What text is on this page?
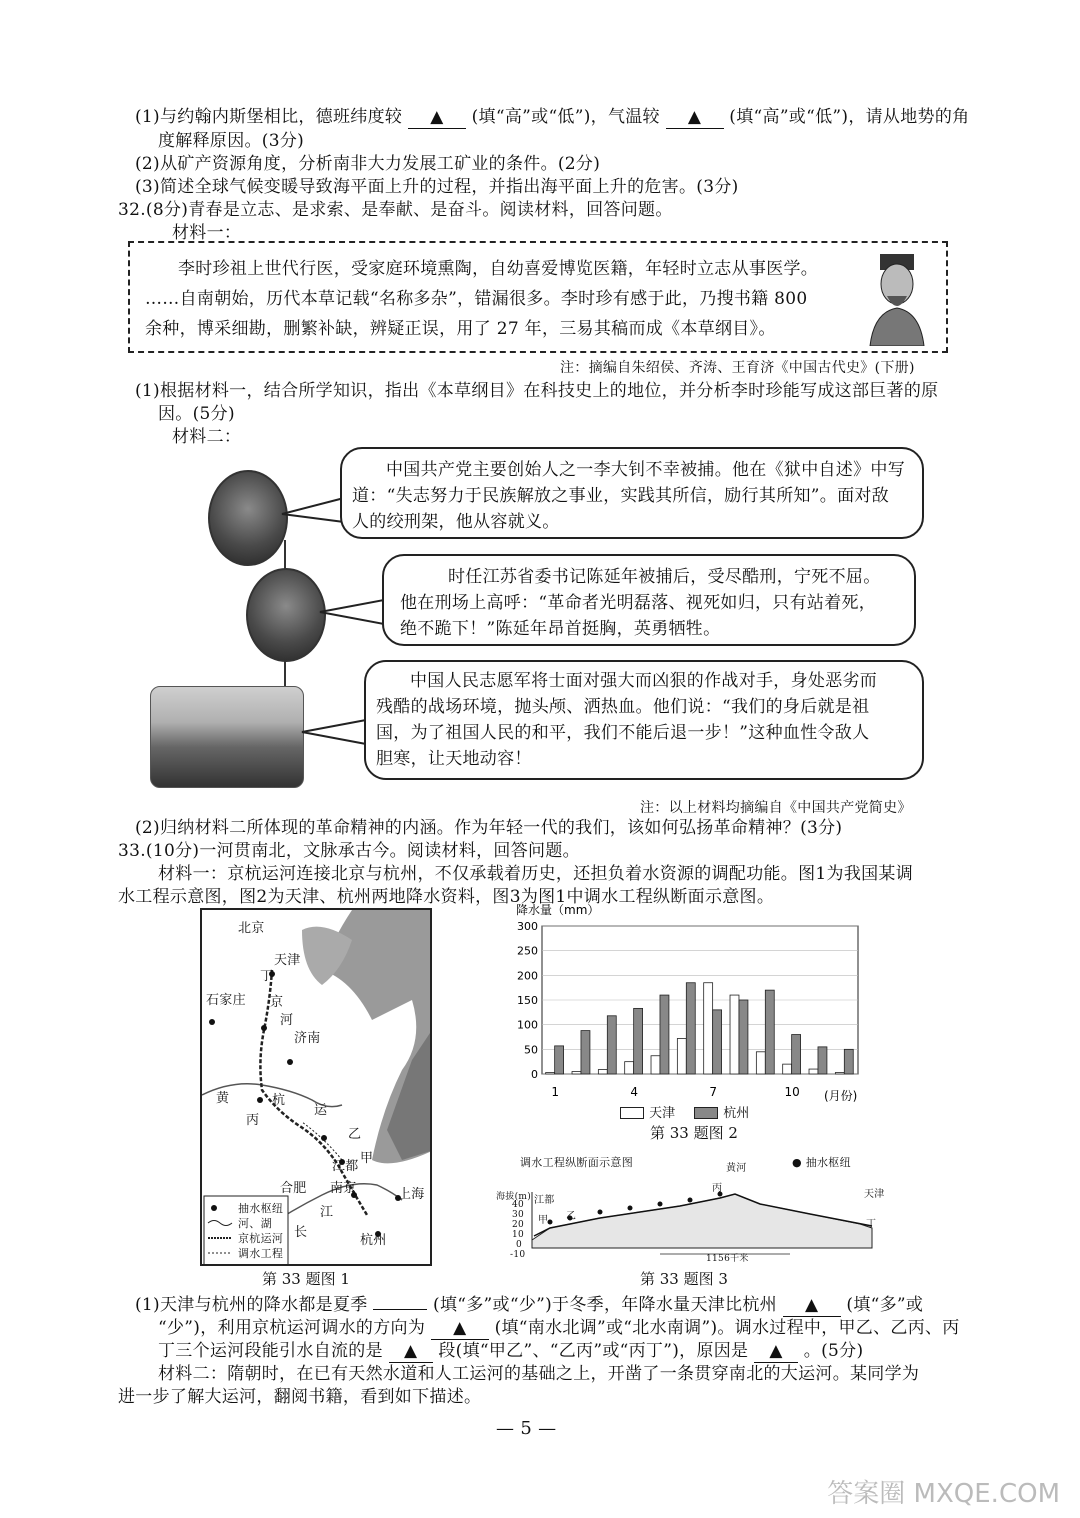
(1)与约翰内斯堡相比，德班纬度较 ▲ (填“高”或“低”)，气温较 ▲ (填“高”或“低”)，请从地势的角
度解释原因。(3分)
(2)从矿产资源角度，分析南非大力发展工矿业的条件。(2分)
(3)简述全球气候变暖导致海平面上升的过程，并指出海平面上升的危害。(3分)
32.(8分)青春是立志、是求索、是奉献、是奋斗。阅读材料，回答问题。
材料一：
李时珍祖上世代行医，受家庭环境熏陶，自幼喜爱博览医籍，年轻时立志从事医学。
……自南朝始，历代本草记载“名称多杂”，错漏很多。李时珍有感于此，乃搜书籍 800
余种，博采细勘，删繁补缺，辨疑正误，用了 27 年，三易其稿而成《本草纲目》。
注：摘编自朱绍侯、齐涛、王育济《中国古代史》(下册)
(1)根据材料一，结合所学知识，指出《本草纲目》在科技史上的地位，并分析李时珍能写成这部巨著的原
因。(5分)
材料二：
中国共产党主要创始人之一李大钊不幸被捕。他在《狱中自述》中写
道：“失志努力于民族解放之事业，实践其所信，励行其所知”。面对敌
人的绞刑架，他从容就义。
时任江苏省委书记陈延年被捕后，受尽酷刑，宁死不屈。
他在刑场上高呼：“革命者光明磊落、视死如归，只有站着死，
绝不跪下！”陈延年昂首挺胸，英勇牺牲。
中国人民志愿军将士面对强大而凶狠的作战对手，身处恶劣而
残酷的战场环境，抛头颅、洒热血。他们说：“我们的身后就是祖
国，为了祖国人民的和平，我们不能后退一步！”这种血性令敌人
胆寒，让天地动容！
注：以上材料均摘编自《中国共产党简史》
(2)归纳材料二所体现的革命精神的内涵。作为年轻一代的我们，该如何弘扬革命精神？(3分)
33.(10分)一河贯南北，文脉承古今。阅读材料，回答问题。
材料一：京杭运河连接北京与杭州，不仅承载着历史，还担负着水资源的调配功能。图1为我国某调
水工程示意图，图2为天津、杭州两地降水资料，图3为图1中调水工程纵断面示意图。
北京
天津
丁
石家庄 京
河
济南
杭
丙
黄
运
乙
江都
甲
合肥 南京
江
长
杭州
上海
抽水枢纽
河、湖
京杭运河
调水工程
第 33 题图 1
降水量（mm）
0
50
100
150
200
250
300
1	4	7	10 (月份)
天津	杭州
第 33 题图 2
调水工程纵断面示意图	● 抽水枢纽
海拔(m)
40
30
20
10
0
-10
江都
甲 乙
丙
黄河
天津
丁
1156千米
第 33 题图 3
(1)天津与杭州的降水都是夏季	(填“多”或“少”)于冬季，年降水量天津比杭州 ▲ (填“多”或
“少”)，利用京杭运河调水的方向为 ▲ (填“南水北调”或“北水南调”)。调水过程中，甲乙、乙丙、丙
丁三个运河段能引水自流的是 ▲ 段(填“甲乙”、“乙丙”或“丙丁”)，原因是 ▲ 。(5分)
材料二：隋朝时，在已有天然水道和人工运河的基础之上，开凿了一条贯穿南北的大运河。某同学为
进一步了解大运河，翻阅书籍，看到如下描述。
— 5 —
答案圈 MXQE.COM
